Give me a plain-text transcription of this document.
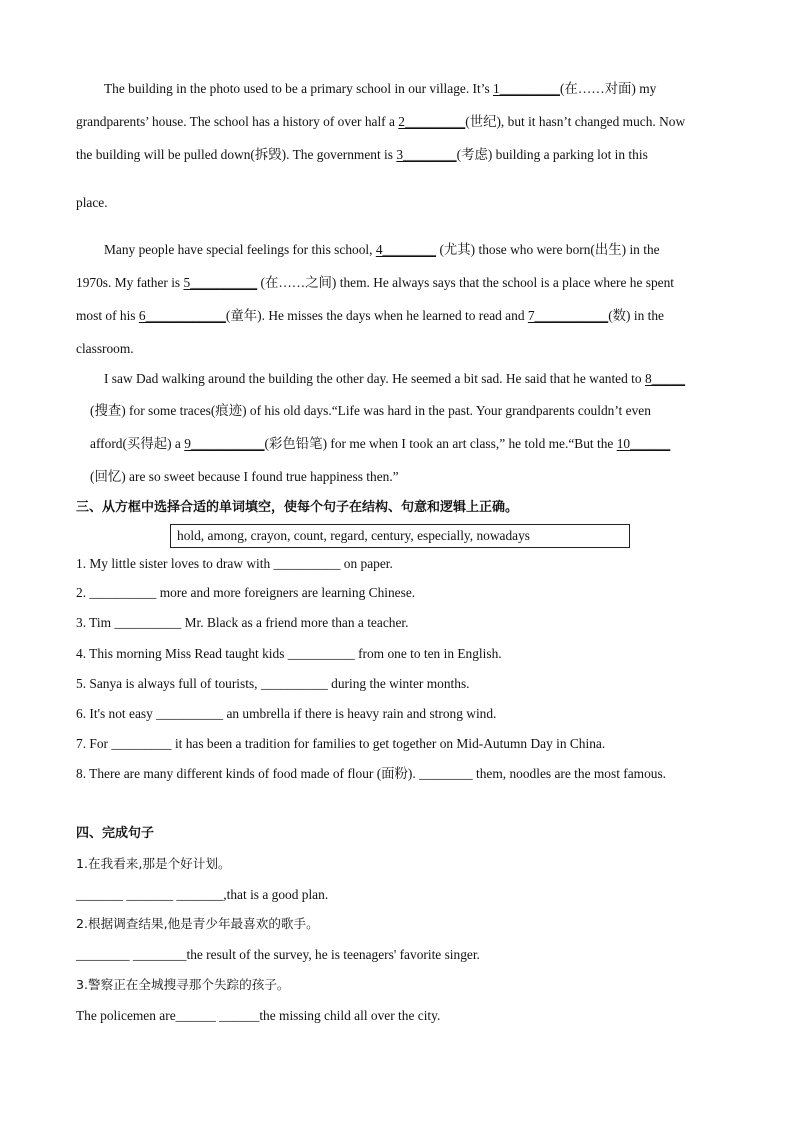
The building in the photo used to be a primary school in our village. It’s 1_________(在……对面) my
grandparents’ house. The school has a history of over half a 2_________(世纪), but it hasn’t changed much. Now
the building will be pulled down(拆毁). The government is 3________(考虑) building a parking lot in this
place.
Many people have special feelings for this school, 4________ (尤其) those who were born(出生) in the
1970s. My father is 5__________ (在……之间) them. He always says that the school is a place where he spent
most of his 6____________(童年). He misses the days when he learned to read and 7___________(数) in the
classroom.
I saw Dad walking around the building the other day. He seemed a bit sad. He said that he wanted to 8_____
(搜查) for some traces(痕迹) of his old days.“Life was hard in the past. Your grandparents couldn’t even
afford(买得起) a 9___________(彩色铅笔) for me when I took an art class,” he told me.“But the 10______
(回忆) are so sweet because I found true happiness then.”
三、从方框中选择合适的单词填空，使每个句子在结构、句意和逻辑上正确。
hold, among, crayon, count, regard, century, especially, nowadays
1. My little sister loves to draw with __________ on paper.
2. __________ more and more foreigners are learning Chinese.
3. Tim __________ Mr. Black as a friend more than a teacher.
4. This morning Miss Read taught kids __________ from one to ten in English.
5. Sanya is always full of tourists, __________ during the winter months.
6. It's not easy __________ an umbrella if there is heavy rain and strong wind.
7. For _________ it has been a tradition for families to get together on Mid-Autumn Day in China.
8. There are many different kinds of food made of flour (面粉). ________ them, noodles are the most famous.
四、完成句子
1.在我看来,那是个好计划。
_______ _______ _______,that is a good plan.
2.根据调查结果,他是青少年最喜欢的歌手。
________ ________the result of the survey, he is teenagers' favorite singer.
3.警察正在全城搜寻那个失踪的孩子。
The policemen are______ ______the missing child all over the city.
